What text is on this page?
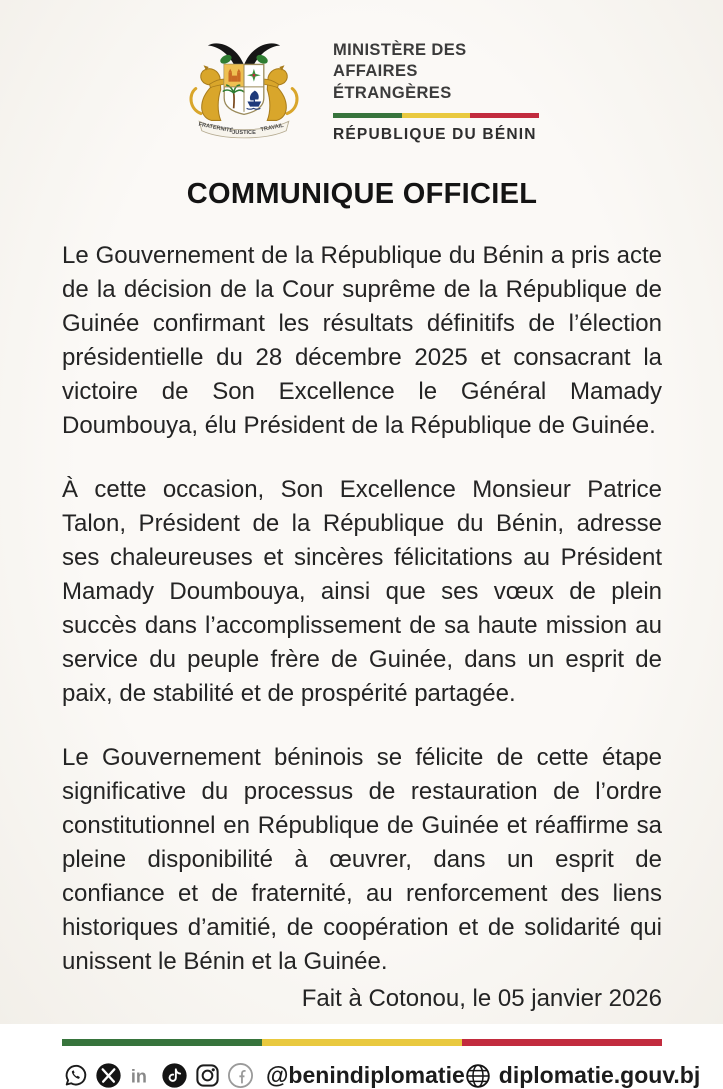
FRATERNITÉ
JUSTICE TRAVAIL
MINISTÈRE DES AFFAIRES
ÉTRANGÈRES
RÉPUBLIQUE DU BÉNIN
COMMUNIQUE OFFICIEL

Le Gouvernement de la République du Bénin a pris acte de la décision de la Cour suprême de la République de Guinée confirmant les résultats définitifs de l’élection présidentielle du 28 décembre 2025 et consacrant la victoire de Son Excellence le Général Mamady Doumbouya, élu Président de la République de Guinée.

À cette occasion, Son Excellence Monsieur Patrice Talon, Président de la République du Bénin, adresse ses chaleureuses et sincères félicitations au Président Mamady Doumbouya, ainsi que ses vœux de plein succès dans l’accomplissement de sa haute mission au service du peuple frère de Guinée, dans un esprit de paix, de stabilité et de prospérité partagée.

Le Gouvernement béninois se félicite de cette étape significative du processus de restauration de l’ordre constitutionnel en République de Guinée et réaffirme sa pleine disponibilité à œuvrer, dans un esprit de confiance et de fraternité, au renforcement des liens historiques d’amitié, de coopération et de solidarité qui unissent le Bénin et la Guinée.

Fait à Cotonou, le 05 janvier 2026
in	@benindiplomatie diplomatie.gouv.bj
